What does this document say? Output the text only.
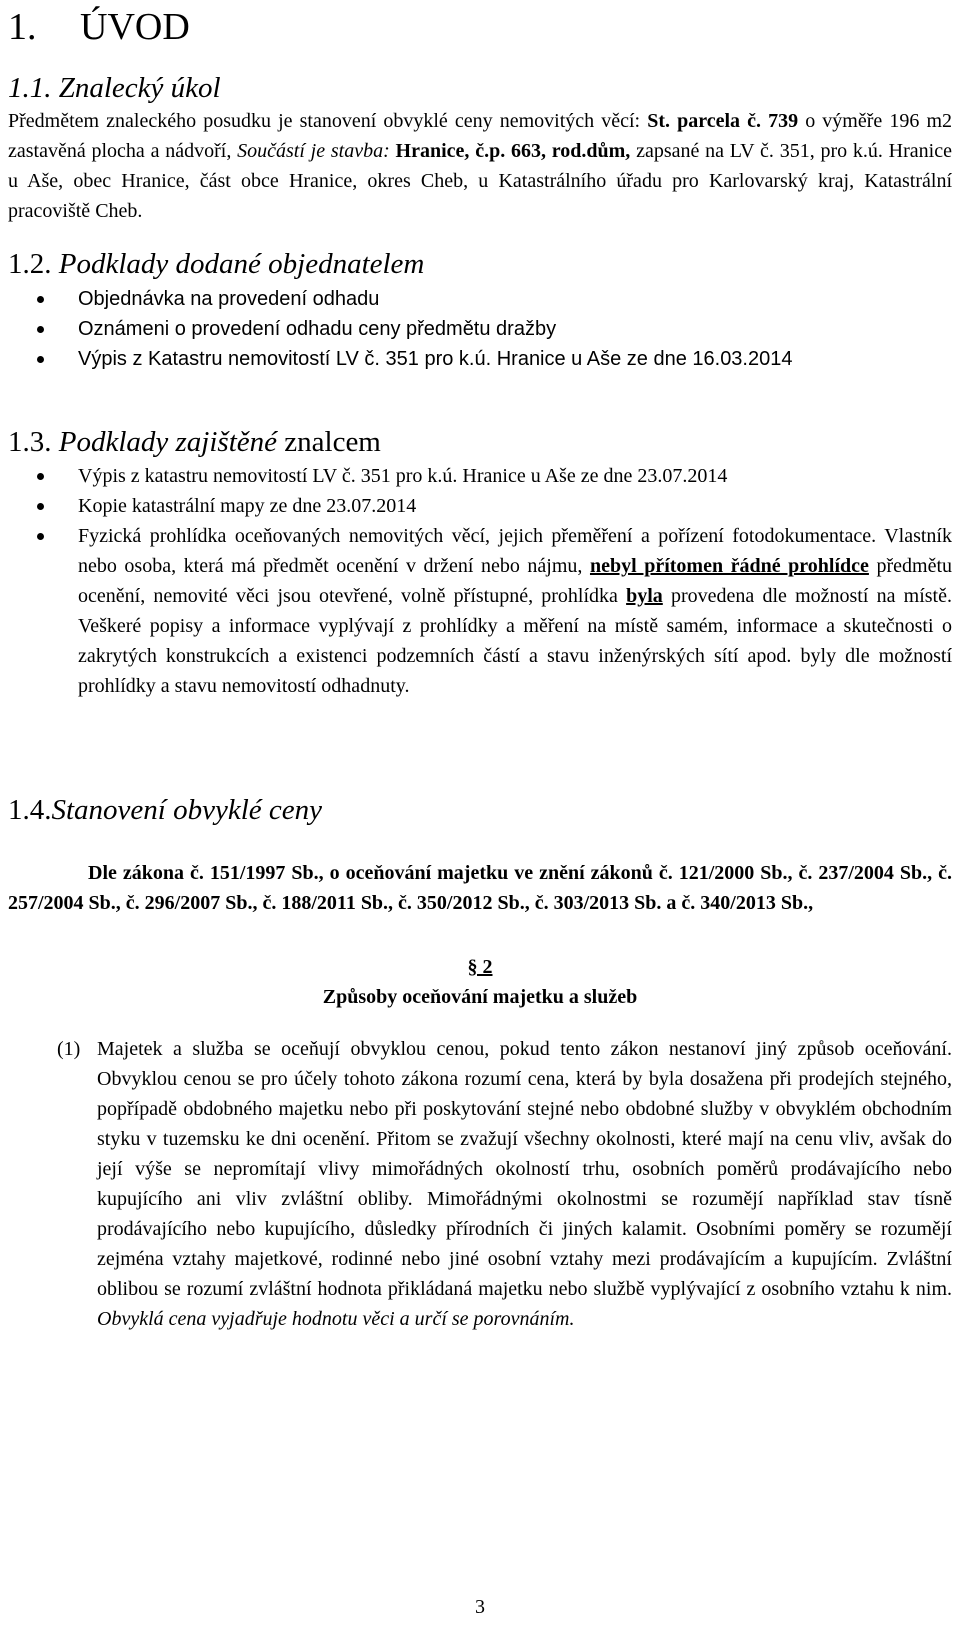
1. ÚVOD
1.1. Znalecký úkol
Předmětem znaleckého posudku je stanovení obvyklé ceny nemovitých věcí: St. parcela č. 739 o výměře 196 m2 zastavěná plocha a nádvoří, Součástí je stavba: Hranice, č.p. 663, rod.dům, zapsané na LV č. 351, pro k.ú. Hranice u Aše, obec Hranice, část obce Hranice, okres Cheb, u Katastrálního úřadu pro Karlovarský kraj, Katastrální pracoviště Cheb.
1.2. Podklady dodané objednatelem
Objednávka na provedení odhadu
Oznámeni o provedení odhadu ceny předmětu dražby
Výpis z Katastru nemovitostí LV č. 351 pro k.ú. Hranice u Aše ze dne 16.03.2014
1.3. Podklady zajištěné znalcem
Výpis z katastru nemovitostí LV č. 351 pro k.ú. Hranice u Aše ze dne 23.07.2014
Kopie katastrální mapy ze dne 23.07.2014
Fyzická prohlídka oceňovaných nemovitých věcí, jejich přeměření a pořízení fotodokumentace. Vlastník nebo osoba, která má předmět ocenění v držení nebo nájmu, nebyl přítomen řádné prohlídce předmětu ocenění, nemovité věci jsou otevřené, volně přístupné, prohlídka byla provedena dle možností na místě. Veškeré popisy a informace vyplývají z prohlídky a měření na místě samém, informace a skutečnosti o zakrytých konstrukcích a existenci podzemních částí a stavu inženýrských sítí apod. byly dle možností prohlídky a stavu nemovitostí odhadnuty.
1.4.Stanovení obvyklé ceny
Dle zákona č. 151/1997 Sb., o oceňování majetku ve znění zákonů č. 121/2000 Sb., č. 237/2004 Sb., č. 257/2004 Sb., č. 296/2007 Sb., č. 188/2011 Sb., č. 350/2012 Sb., č. 303/2013 Sb. a č. 340/2013 Sb.,
§ 2
Způsoby oceňování majetku a služeb
(1) Majetek a služba se oceňují obvyklou cenou, pokud tento zákon nestanoví jiný způsob oceňování. Obvyklou cenou se pro účely tohoto zákona rozumí cena, která by byla dosažena při prodejích stejného, popřípadě obdobného majetku nebo při poskytování stejné nebo obdobné služby v obvyklém obchodním styku v tuzemsku ke dni ocenění. Přitom se zvažují všechny okolnosti, které mají na cenu vliv, avšak do její výše se nepromítají vlivy mimořádných okolností trhu, osobních poměrů prodávajícího nebo kupujícího ani vliv zvláštní obliby. Mimořádnými okolnostmi se rozumějí například stav tísně prodávajícího nebo kupujícího, důsledky přírodních či jiných kalamit. Osobními poměry se rozumějí zejména vztahy majetkové, rodinné nebo jiné osobní vztahy mezi prodávajícím a kupujícím. Zvláštní oblibou se rozumí zvláštní hodnota přikládaná majetku nebo službě vyplývající z osobního vztahu k nim. Obvyklá cena vyjadřuje hodnotu věci a určí se porovnáním.
3
